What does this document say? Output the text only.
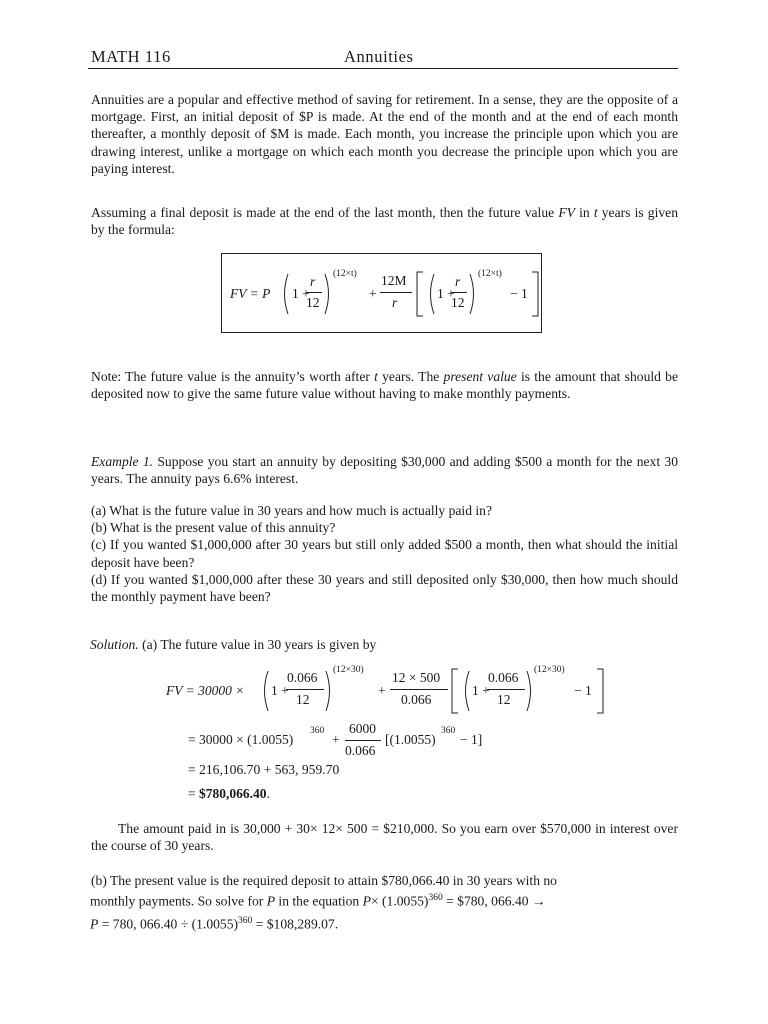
MATH 116	Annuities

Annuities are a popular and effective method of saving for retirement. In a sense, they are the opposite of a mortgage. First, an initial deposit of $P is made. At the end of the month and at the end of each month thereafter, a monthly deposit of $M is made. Each month, you increase the principle upon which you are drawing interest, unlike a mortgage on which each month you decrease the principle upon which you are paying interest.

Assuming a final deposit is made at the end of the last month, then the future value FV in t years is given by the formula:

FV = P 1 +
r
12
(12×t)
+
12M
r
1 +
r
12
(12×t)
− 1

Note: The future value is the annuity’s worth after t years. The present value is the amount that should be deposited now to give the same future value without having to make monthly payments.

Example 1. Suppose you start an annuity by depositing $30,000 and adding $500 a month for the next 30 years. The annuity pays 6.6% interest.

(a) What is the future value in 30 years and how much is actually paid in?

(b) What is the present value of this annuity?

(c) If you wanted $1,000,000 after 30 years but still only added $500 a month, then what should the initial deposit have been?

(d) If you wanted $1,000,000 after these 30 years and still deposited only $30,000, then how much should the monthly payment have been?

Solution. (a) The future value in 30 years is given by
FV = 30000 × 1 +
0.066
12
(12×30)
+
12 × 500
0.066
1 +
0.066
12
(12×30)
− 1
= 30000 × (1.0055)
360
+
6000
0.066
[(1.0055)
360
− 1]
= 216,106.70 + 563, 959.70
= $780,066.40.

The amount paid in is 30,000 + 30× 12× 500 = $210,000. So you earn over $570,000 in interest over the course of 30 years.

(b) The present value is the required deposit to attain $780,066.40 in 30 years with no

monthly payments. So solve for P in the equation $P\times (1.0055)^{360}$ = $780, 066.40 →
P = 780, $066.40 \div (1.0055)^{360}$ = $108,289.07.
